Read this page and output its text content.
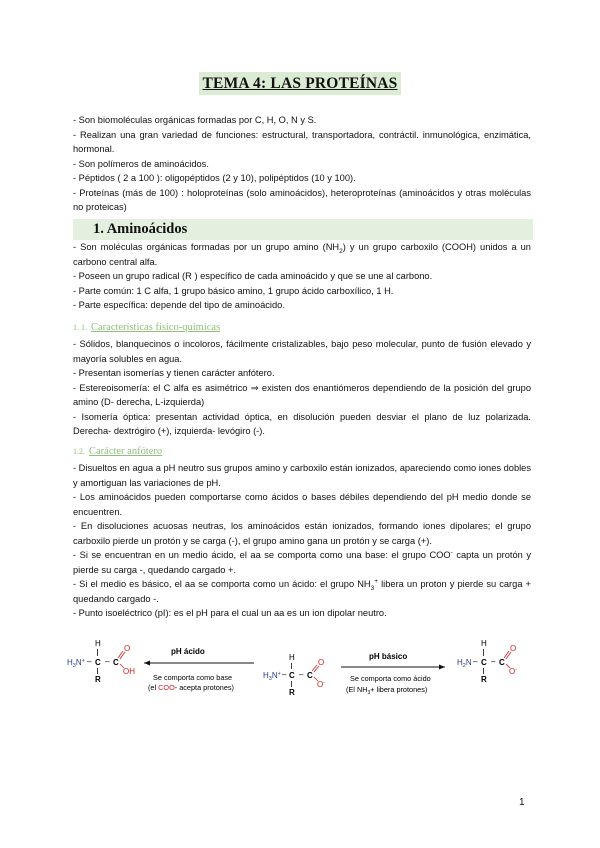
TEMA 4: LAS PROTEÍNAS

- Son biomoléculas orgánicas formadas por C, H, O, N y S.

- Realizan una gran variedad de funciones: estructural, transportadora, contráctil. inmunológica, enzimática, hormonal.

- Son polímeros de aminoácidos.

- Péptidos ( 2 a 100 ): oligopéptidos (2 y 10), polipéptidos (10 y 100).

- Proteínas (más de 100) : holoproteínas (solo aminoácidos), heteroproteínas (aminoácidos y otras moléculas no proteicas)

1. Aminoácidos

- Son moléculas orgánicas formadas por un grupo amino $(NH_2)$ y un grupo carboxilo (COOH) unidos a un carbono central alfa.

- Poseen un grupo radical (R ) específico de cada aminoácido y que se une al carbono.

- Parte común: 1 C alfa, 1 grupo básico amino, 1 grupo ácido carboxílico, 1 H.

- Parte específica: depende del tipo de aminoácido.

1. 1. Características físico-químicas

- Sólidos, blanquecinos o incoloros, fácilmente cristalizables, bajo peso molecular, punto de fusión elevado y mayoría solubles en agua.

- Presentan isomerías y tienen carácter anfótero.

- Estereoisomería: el C alfa es asimétrico ⇒ existen dos enantiómeros dependiendo de la posición del grupo amino (D- derecha, L-izquierda)

- Isomería óptica: presentan actividad óptica, en disolución pueden desviar el plano de luz polarizada. Derecha- dextrógiro (+), izquierda- levógiro (-).

1.2. Carácter anfótero

- Disueltos en agua a pH neutro sus grupos amino y carboxilo están ionizados, apareciendo como iones dobles y amortiguan las variaciones de pH.

- Los aminoácidos pueden comportarse como ácidos o bases débiles dependiendo del pH medio donde se encuentren.

- En disoluciones acuosas neutras, los aminoácidos están ionizados, formando iones dipolares; el grupo carboxilo pierde un protón y se carga (-), el grupo amino gana un protón y se carga (+).

- Si se encuentran en un medio ácido, el aa se comporta como una base: el grupo COO- capta un protón y pierde su carga -, quedando cargado +.

- Si el medio es básico, el aa se comporta como un ácido: el grupo $NH_3^+$ libera un proton y pierde su carga + quedando cargado -.

- Punto isoeléctrico (pI): es el pH para el cual un aa es un ion dipolar neutro.

H
$H_3N^+$ – C – C
O
OH
R
pH ácido
Se comporta como base
(el COO- acepta protones)
H
$H_3N^+$ – C – C
O
O-
R
pH básico
Se comporta como ácido
(El $NH_3+$ libera protones)
H
$H_2N$ – C – C
O
O-
R
1
